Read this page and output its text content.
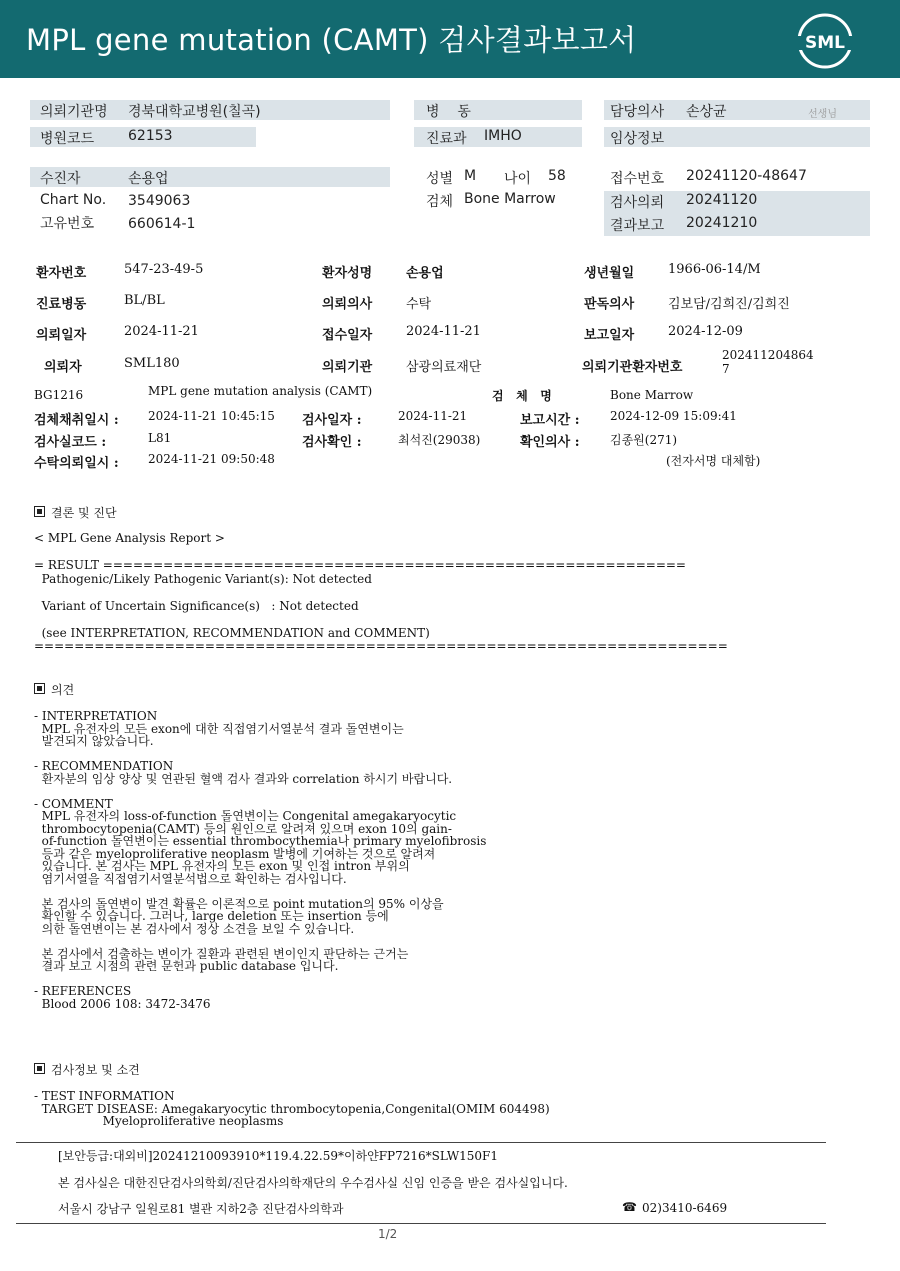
MPL gene mutation (CAMT) 검사결과보고서	SML
의뢰기관명 경북대학교병원(칠곡)
병원코드 62153
병    동
진료과 IMHO
담당의사 손상균	선생님
임상정보
수진자	손용업
Chart No. 3549063
고유번호 660614-1
성별 M 나이 58
검체 Bone Marrow
접수번호 20241120-48647
검사의뢰 20241120
결과보고 20241210
환자번호	547-23-49-5	환자성명	손용업	생년월일	1966-06-14/M
진료병동	BL/BL	의뢰의사	수탁	판독의사	김보담/김희진/김희진
의뢰일자	2024-11-21	접수일자	2024-11-21	보고일자	2024-12-09
의뢰자	SML180	의뢰기관	삼광의료재단	의뢰기관환자번호
202411204864
7
BG1216	MPL gene mutation analysis (CAMT)	검   체   명	Bone Marrow
검체채취일시 : 2024-11-21 10:45:15 검사일자 :	2024-11-21	보고시간 :	2024-12-09 15:09:41
검사실코드 :	L81	검사확인 :	최석진(29038)	확인의사 :	김종원(271)
수탁의뢰일시 : 2024-11-21 09:50:48	(전자서명 대체함)
결론 및 진단
< MPL Gene Analysis Report >

= RESULT ==========================================================
Pathogenic/Likely Pathogenic Variant(s): Not detected

Variant of Uncertain Significance(s)   : Not detected

(see INTERPRETATION, RECOMMENDATION and COMMENT)
=====================================================================
의견
- INTERPRETATION
MPL 유전자의 모든 exon에 대한 직접염기서열분석 결과 돌연변이는
발견되지 않았습니다.

- RECOMMENDATION
환자분의 임상 양상 및 연관된 혈액 검사 결과와 correlation 하시기 바랍니다.

- COMMENT
MPL 유전자의 loss-of-function 돌연변이는 Congenital amegakaryocytic
thrombocytopenia(CAMT) 등의 원인으로 알려져 있으며 exon 10의 gain-
of-function 돌연변이는 essential thrombocythemia나 primary myelofibrosis
등과 같은 myeloproliferative neoplasm 발병에 기여하는 것으로 알려져
있습니다. 본 검사는 MPL 유전자의 모든 exon 및 인접 intron 부위의
염기서열을 직접염기서열분석법으로 확인하는 검사입니다.

본 검사의 돌연변이 발견 확률은 이론적으로 point mutation의 95% 이상을
확인할 수 있습니다. 그러나, large deletion 또는 insertion 등에
의한 돌연변이는 본 검사에서 정상 소견을 보일 수 있습니다.

본 검사에서 검출하는 변이가 질환과 관련된 변이인지 판단하는 근거는
결과 보고 시점의 관련 문헌과 public database 입니다.

- REFERENCES
Blood 2006 108: 3472-3476
검사정보 및 소견
- TEST INFORMATION
TARGET DISEASE: Amegakaryocytic thrombocytopenia,Congenital(OMIM 604498)
Myeloproliferative neoplasms
[보안등급:대외비]20241210093910*119.4.22.59*이하얀FP7216*SLW150F1
본 검사실은 대한진단검사의학회/진단검사의학재단의 우수검사실 신임 인증을 받은 검사실입니다.
서울시 강남구 일원로81 별관 지하2층 진단검사의학과	☎ 02)3410-6469
1/2
